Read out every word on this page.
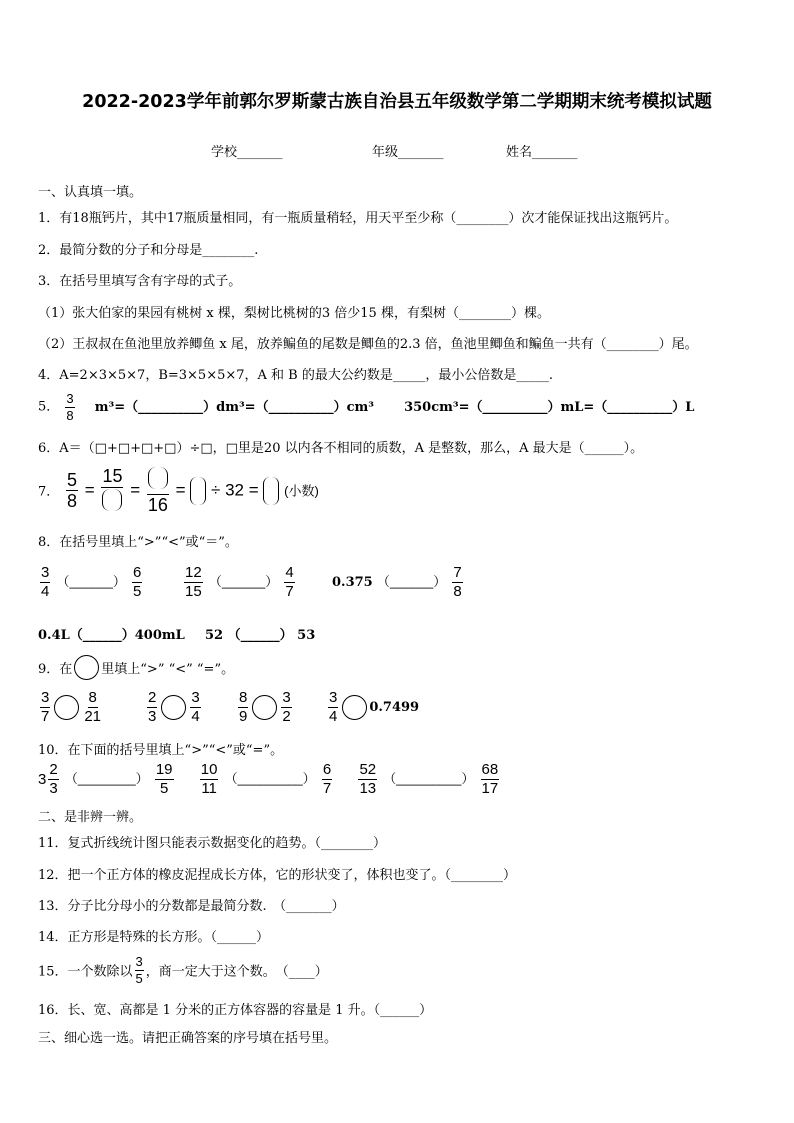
2022-2023学年前郭尔罗斯蒙古族自治县五年级数学第二学期期末统考模拟试题
学校_______	年级_______	姓名_______
一、认真填一填。
1．有18瓶钙片，其中17瓶质量相同，有一瓶质量稍轻，用天平至少称（________）次才能保证找出这瓶钙片。
2．最简分数的分子和分母是________.
3．在括号里填写含有字母的式子。
（1）张大伯家的果园有桃树 x 棵，梨树比桃树的3 倍少15 棵，有梨树（________）棵。
（2）王叔叔在鱼池里放养鲫鱼 x 尾，放养鳊鱼的尾数是鲫鱼的2.3 倍，鱼池里鲫鱼和鳊鱼一共有（________）尾。
4．A=2×3×5×7，B=3×5×5×7，A 和 B 的最大公约数是_____，最小公倍数是_____.
5． $\frac{3}{8}$ m³=（__________）dm³=（__________）cm³ 350cm³=（__________）mL=（__________）L
6．A＝（□+□+□+□）÷□，□里是20 以内各不相同的质数，A 是整数，那么，A 最大是（______）。
7． $\frac{5}{8}$ =
15
=
16
= ÷ 32 = (小数)
8．在括号里填上“>”“<”或“＝”。
$\frac{3}{4}$ （______） $\frac{6}{5}$	$\frac{12}{15}$ （______） $\frac{4}{7}$	0.375 （______） $\frac{7}{8}$
0.4L（______）400mL 52 （______） 53
9．在 里填上“>” “<” “=”。
$\frac{3}{7} \frac{8}{21}$	$\frac{2}{3} \frac{3}{4} \frac{8}{9} \frac{3}{2} \frac{3}{4} 0.7499$
10．在下面的括号里填上“>”“<”或“=”。
$3 \frac{2}{3}$ （________） $\frac{19}{5}$
$\frac{10}{11}$ （_________） $\frac{6}{7}$
$\frac{52}{13}$ （_________） $\frac{68}{17}$
二、是非辨一辨。
11．复式折线统计图只能表示数据变化的趋势。（________）
12．把一个正方体的橡皮泥捏成长方体，它的形状变了，体积也变了。（________）
13．分子比分母小的分数都是最简分数.　（_______）
14．正方形是特殊的长方形。（______）
15．一个数除以 $\frac{3}{5}$ ，商一定大于这个数。　（____）
16．长、宽、高都是 1 分米的正方体容器的容量是 1 升。（______）
三、细心选一选。请把正确答案的序号填在括号里。
